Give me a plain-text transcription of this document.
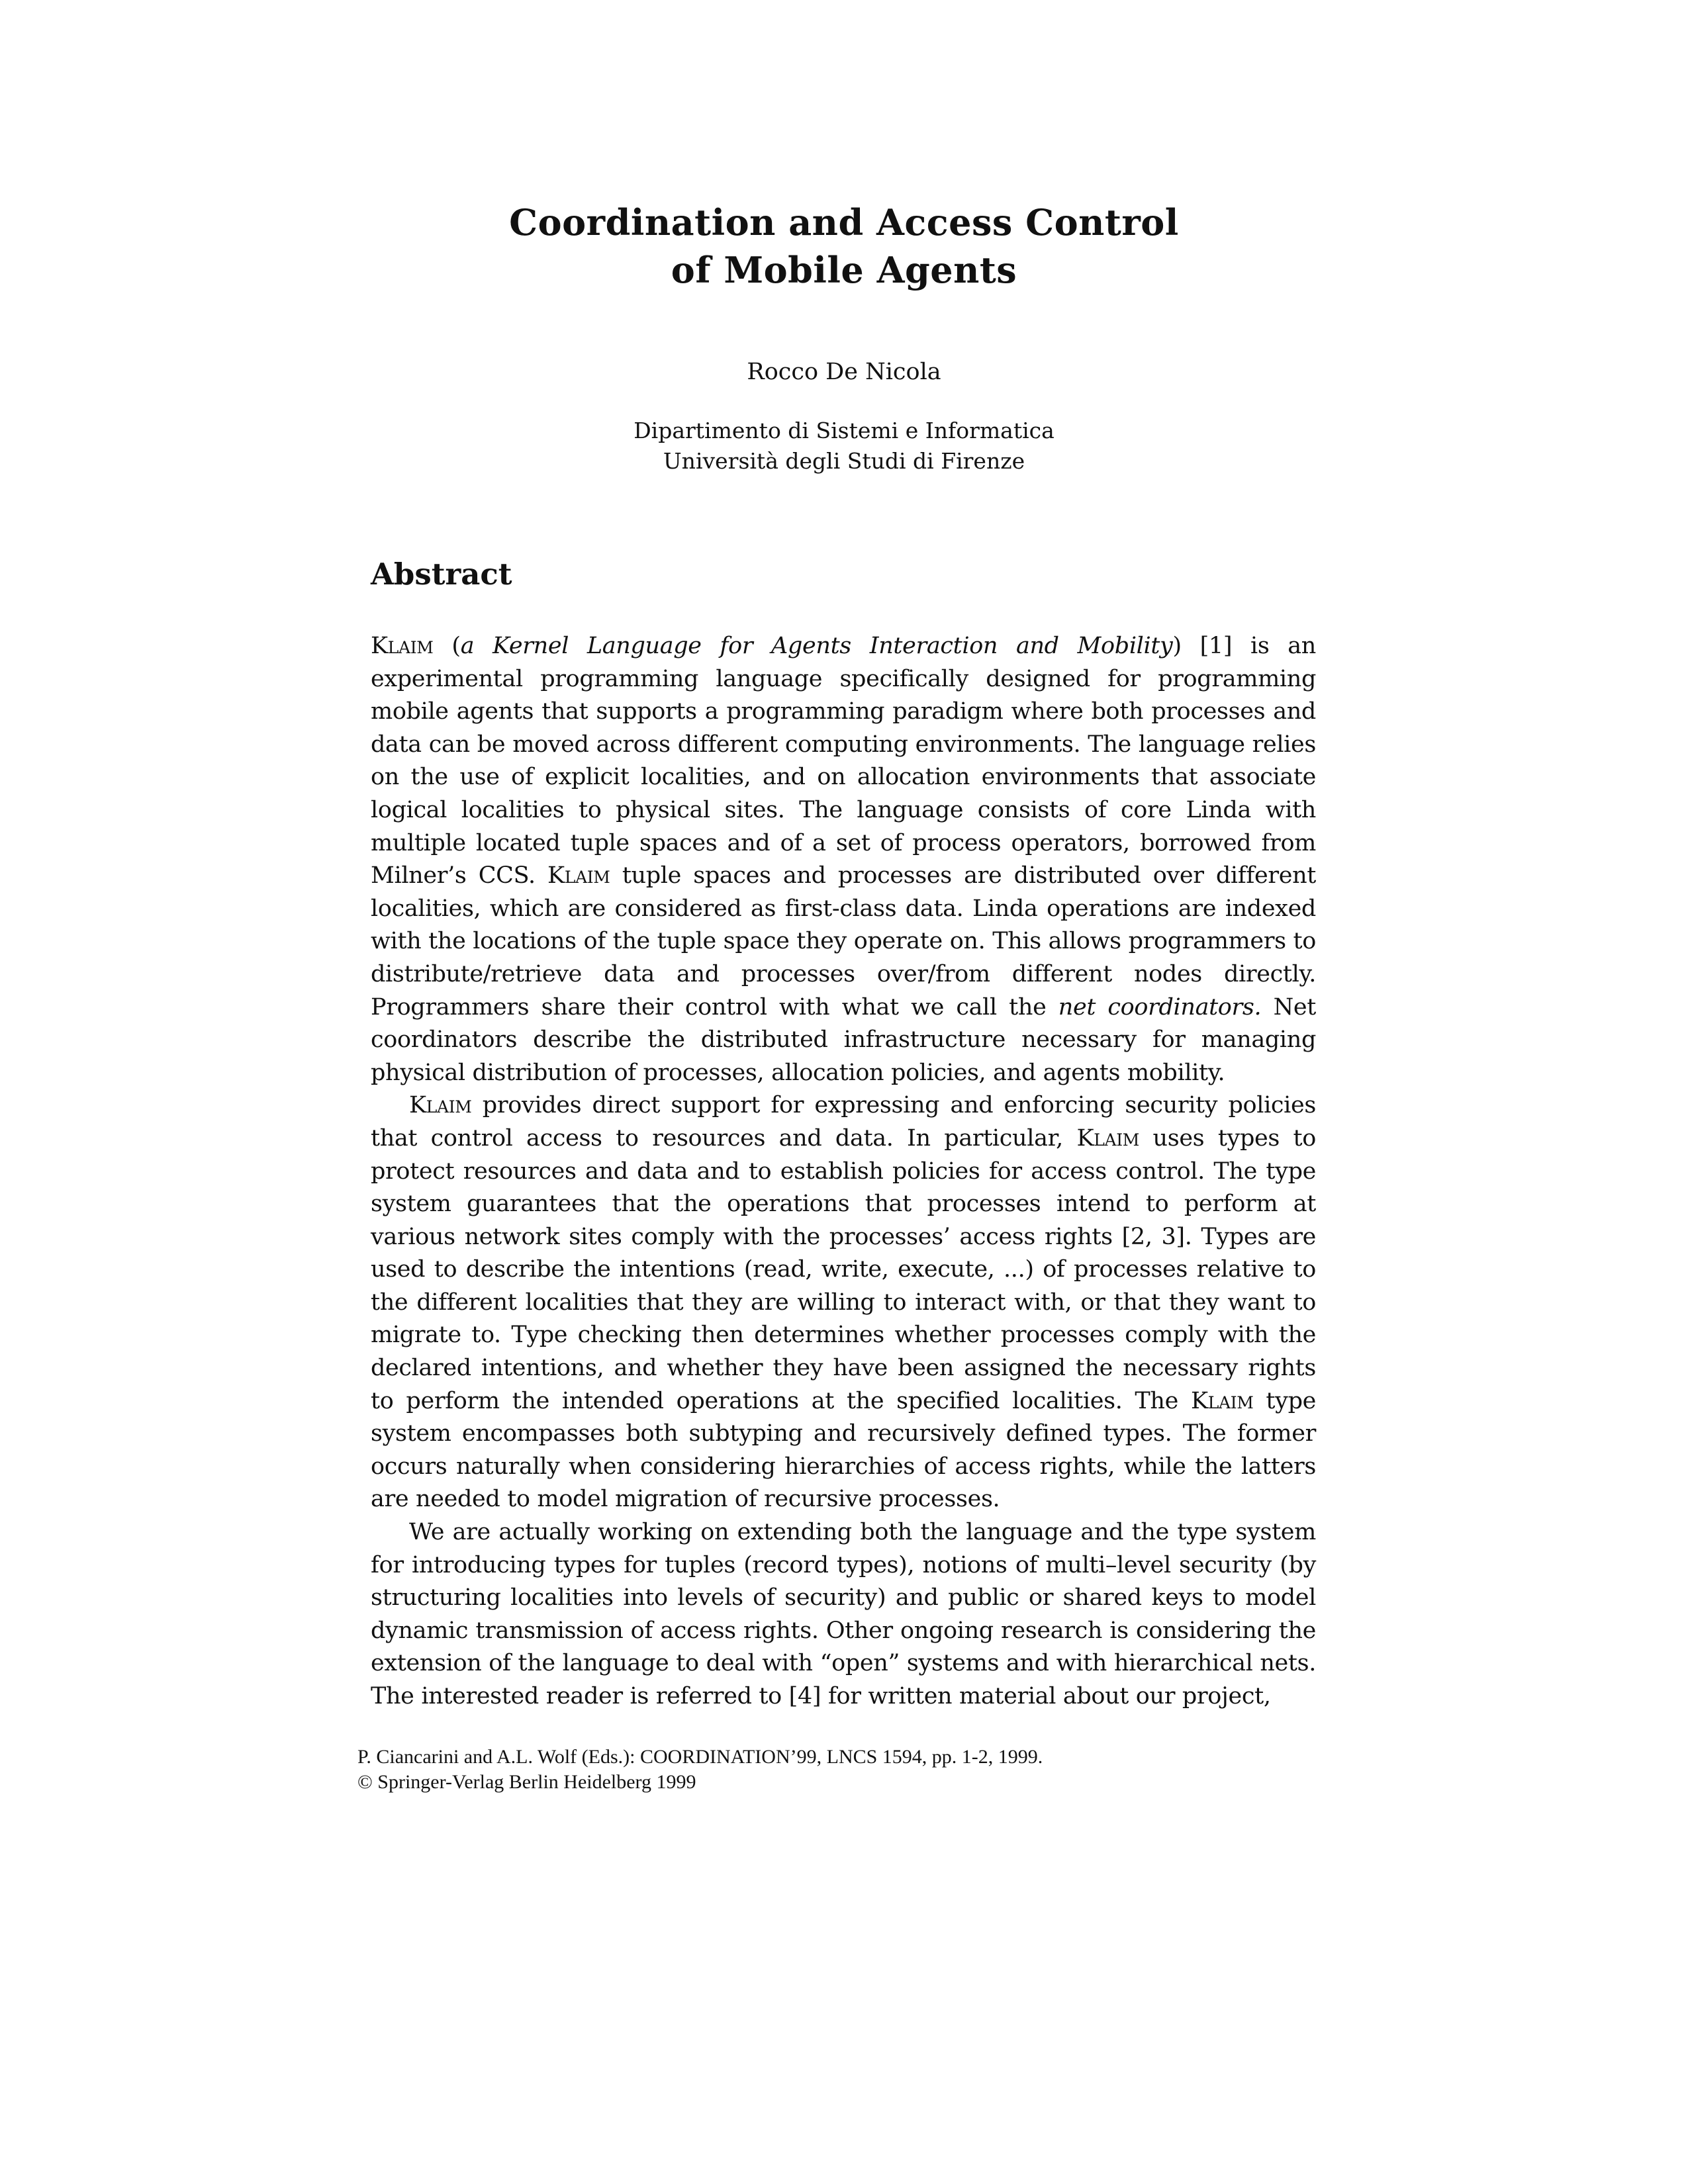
Coordination and Access Control
of Mobile Agents
Rocco De Nicola
Dipartimento di Sistemi e Informatica
Università degli Studi di Firenze
Abstract

Klaim (a Kernel Language for Agents Interaction and Mobility) [1] is an experimental programming language specifically designed for programming mobile agents that supports a programming paradigm where both processes and data can be moved across different computing environments. The language relies on the use of explicit localities, and on allocation environments that associate logical localities to physical sites. The language consists of core Linda with multiple located tuple spaces and of a set of process operators, borrowed from Milner’s CCS. Klaim tuple spaces and processes are distributed over different localities, which are considered as first-class data. Linda operations are indexed with the locations of the tuple space they operate on. This allows programmers to distribute/retrieve data and processes over/from different nodes directly. Programmers share their control with what we call the net coordinators. Net coordinators describe the distributed infrastructure necessary for managing physical distribution of processes, allocation policies, and agents mobility.

Klaim provides direct support for expressing and enforcing security policies that control access to resources and data. In particular, Klaim uses types to protect resources and data and to establish policies for access control. The type system guarantees that the operations that processes intend to perform at various network sites comply with the processes’ access rights [2, 3]. Types are used to describe the intentions (read, write, execute, ...) of processes relative to the different localities that they are willing to interact with, or that they want to migrate to. Type checking then determines whether processes comply with the declared intentions, and whether they have been assigned the necessary rights to perform the intended operations at the specified localities. The Klaim type system encompasses both subtyping and recursively defined types. The former occurs naturally when considering hierarchies of access rights, while the latters are needed to model migration of recursive processes.

We are actually working on extending both the language and the type system for introducing types for tuples (record types), notions of multi–level security (by structuring localities into levels of security) and public or shared keys to model dynamic transmission of access rights. Other ongoing research is considering the extension of the language to deal with “open” systems and with hierarchical nets. The interested reader is referred to [4] for written material about our project,

P. Ciancarini and A.L. Wolf (Eds.): COORDINATION’99, LNCS 1594, pp. 1-2, 1999.
© Springer-Verlag Berlin Heidelberg 1999
